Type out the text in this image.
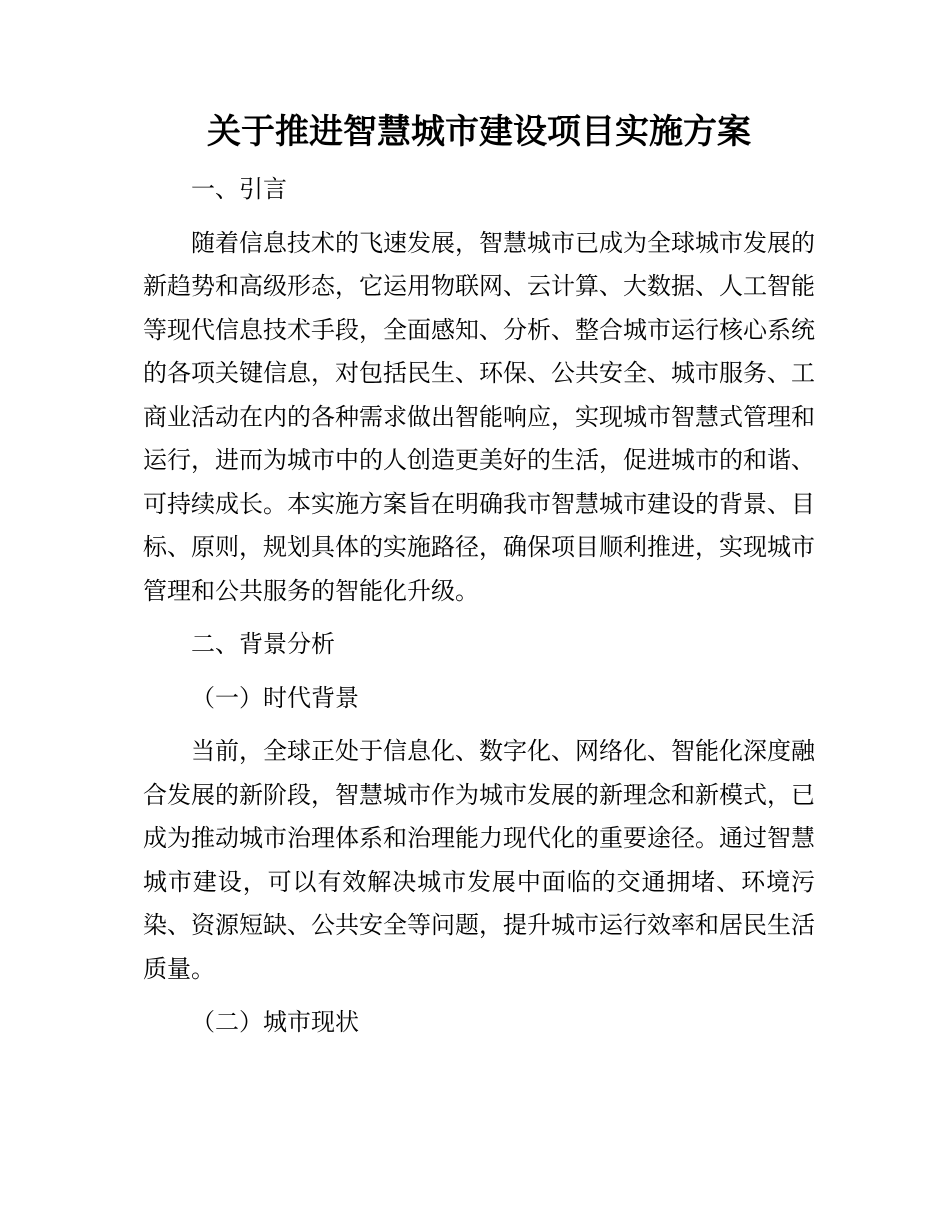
关于推进智慧城市建设项目实施方案

一、引言

随着信息技术的飞速发展，智慧城市已成为全球城市发展的新趋势和高级形态，它运用物联网、云计算、大数据、人工智能等现代信息技术手段，全面感知、分析、整合城市运行核心系统的各项关键信息，对包括民生、环保、公共安全、城市服务、工商业活动在内的各种需求做出智能响应，实现城市智慧式管理和运行，进而为城市中的人创造更美好的生活，促进城市的和谐、可持续成长。本实施方案旨在明确我市智慧城市建设的背景、目标、原则，规划具体的实施路径，确保项目顺利推进，实现城市管理和公共服务的智能化升级。

二、背景分析

（一）时代背景

当前，全球正处于信息化、数字化、网络化、智能化深度融合发展的新阶段，智慧城市作为城市发展的新理念和新模式，已成为推动城市治理体系和治理能力现代化的重要途径。通过智慧城市建设，可以有效解决城市发展中面临的交通拥堵、环境污染、资源短缺、公共安全等问题，提升城市运行效率和居民生活质量。

（二）城市现状
